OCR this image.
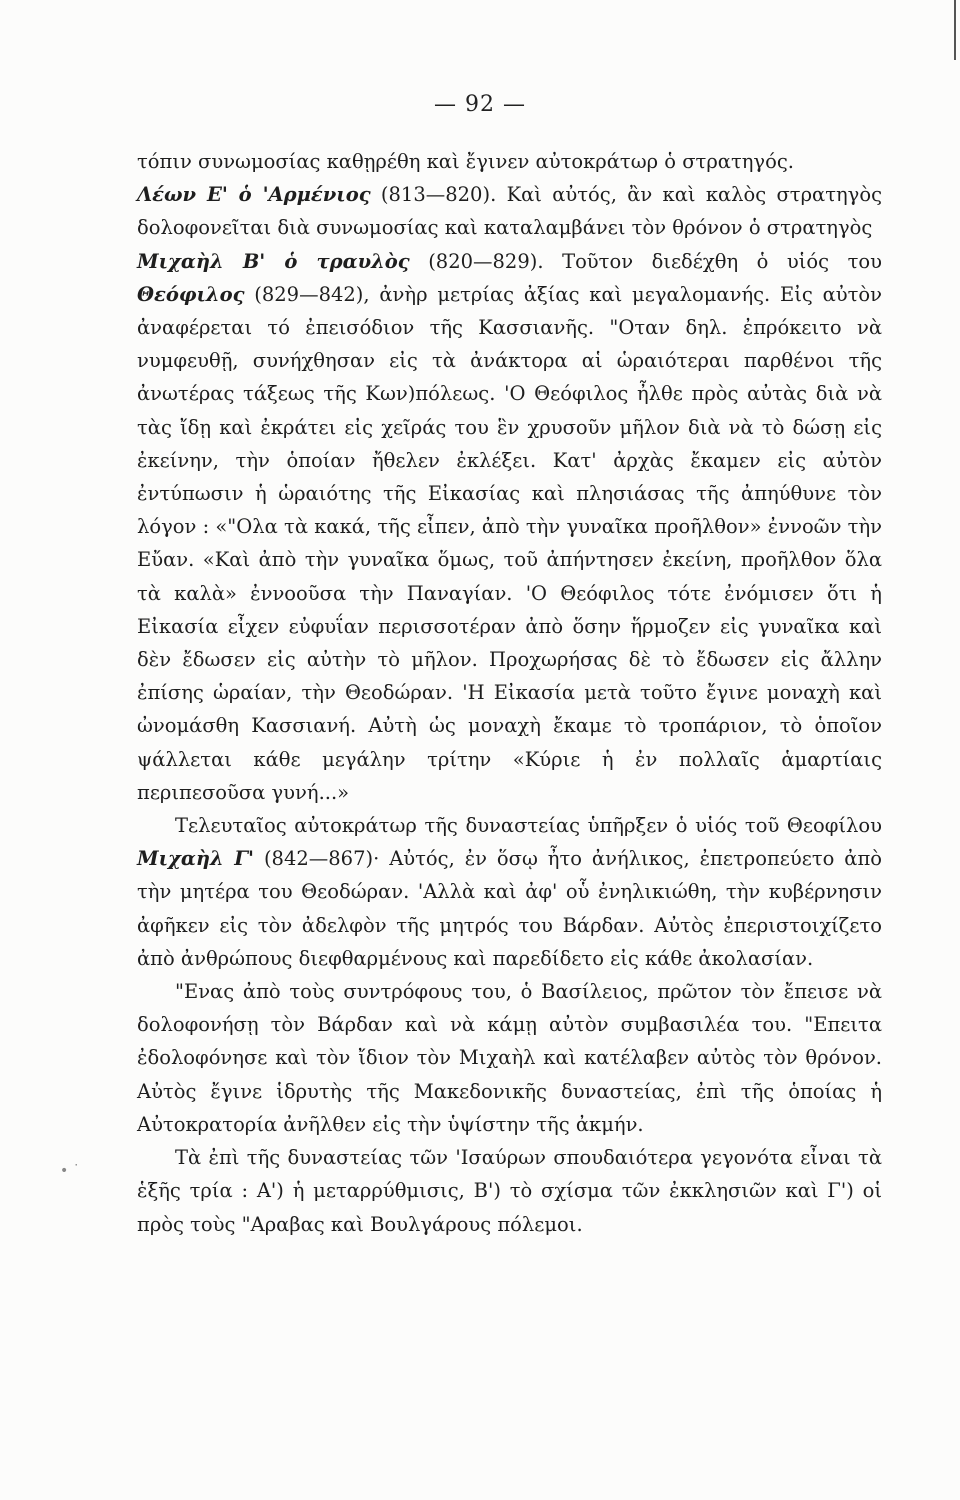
— 92 —

τόπιν συνωμοσίας καθῃρέθη καὶ ἔγινεν αὐτοκράτωρ ὁ στρατηγός.

Λέων Ε' ὁ 'Αρμένιος (813—820). Καὶ αὐτός, ἂν καὶ καλὸς στρατηγὸς δολοφονεῖται διὰ συνωμοσίας καὶ καταλαμβάνει τὸν θρόνον ὁ στρατηγὸς

Μιχαὴλ Β' ὁ τραυλὸς (820—829). Τοῦτον διεδέχθη ὁ υἱός του Θεόφιλος (829—842), ἀνὴρ μετρίας ἀξίας καὶ μεγαλομανής. Εἰς αὐτὸν ἀναφέρεται τό ἐπεισόδιον τῆς Κασσιανῆς. "Οταν δηλ. ἐπρόκειτο νὰ νυμφευθῇ, συνήχθησαν εἰς τὰ ἀνάκτορα αἱ ὡραιότεραι παρθένοι τῆς ἀνωτέρας τάξεως τῆς Κων)πόλεως. 'Ο Θεόφιλος ἦλθε πρὸς αὐτὰς διὰ νὰ τὰς ἴδῃ καὶ ἐκράτει εἰς χεῖράς του ἓν χρυσοῦν μῆλον διὰ νὰ τὸ δώσῃ εἰς ἐκείνην, τὴν ὁποίαν ἤθελεν ἐκλέξει. Κατ' ἀρχὰς ἔκαμεν εἰς αὐτὸν ἐντύπωσιν ἡ ὡραιότης τῆς Εἰκασίας καὶ πλησιάσας τῆς ἀπηύθυνε τὸν λόγον : «"Ολα τὰ κακά, τῆς εἶπεν, ἀπὸ τὴν γυναῖκα προῆλθον» ἐννοῶν τὴν Εὔαν. «Καὶ ἀπὸ τὴν γυναῖκα ὅμως, τοῦ ἀπήντησεν ἐκείνη, προῆλθον ὅλα τὰ καλὰ» ἐννοοῦσα τὴν Παναγίαν. 'Ο Θεόφιλος τότε ἐνόμισεν ὅτι ἡ Εἰκασία εἶχεν εὐφυΐαν περισσοτέραν ἀπὸ ὅσην ἥρμοζεν εἰς γυναῖκα καὶ δὲν ἔδωσεν εἰς αὐτὴν τὸ μῆλον. Προχωρήσας δὲ τὸ ἔδωσεν εἰς ἄλλην ἐπίσης ὡραίαν, τὴν Θεοδώραν. 'Η Εἰκασία μετὰ τοῦτο ἔγινε μοναχὴ καὶ ὠνομάσθη Κασσιανή. Αὐτὴ ὡς μοναχὴ ἔκαμε τὸ τροπάριον, τὸ ὁποῖον ψάλλεται κάθε μεγάλην τρίτην «Κύριε ἡ ἐν πολλαῖς ἁμαρτίαις περιπεσοῦσα γυνή...»

Τελευταῖος αὐτοκράτωρ τῆς δυναστείας ὑπῆρξεν ὁ υἱός τοῦ Θεοφίλου Μιχαὴλ Γ' (842—867)· Αὐτός, ἐν ὅσῳ ἦτο ἀνήλικος, ἐπετροπεύετο ἀπὸ τὴν μητέρα του Θεοδώραν. 'Αλλὰ καὶ ἀφ' οὗ ἐνηλικιώθη, τὴν κυβέρνησιν ἀφῆκεν εἰς τὸν ἀδελφὸν τῆς μητρός του Βάρδαν. Αὐτὸς ἐπεριστοιχίζετο ἀπὸ ἀνθρώπους διεφθαρμένους καὶ παρεδίδετο εἰς κάθε ἀκολασίαν.

"Ενας ἀπὸ τοὺς συντρόφους του, ὁ Βασίλειος, πρῶτον τὸν ἔπεισε νὰ δολοφονήσῃ τὸν Βάρδαν καὶ νὰ κάμῃ αὐτὸν συμβασιλέα του. "Επειτα ἐδολοφόνησε καὶ τὸν ἴδιον τὸν Μιχαὴλ καὶ κατέλαβεν αὐτὸς τὸν θρόνον. Αὐτὸς ἔγινε ἱδρυτὴς τῆς Μακεδονικῆς δυναστείας, ἐπὶ τῆς ὁποίας ἡ Αὐτοκρατορία ἀνῆλθεν εἰς τὴν ὑψίστην τῆς ἀκμήν.

Τὰ ἐπὶ τῆς δυναστείας τῶν 'Ισαύρων σπουδαιότερα γεγονότα εἶναι τὰ ἑξῆς τρία : Α') ἡ μεταρρύθμισις, Β') τὸ σχίσμα τῶν ἐκκλησιῶν καὶ Γ') οἱ πρὸς τοὺς "Αραβας καὶ Βουλγάρους πόλεμοι.

• ˙
